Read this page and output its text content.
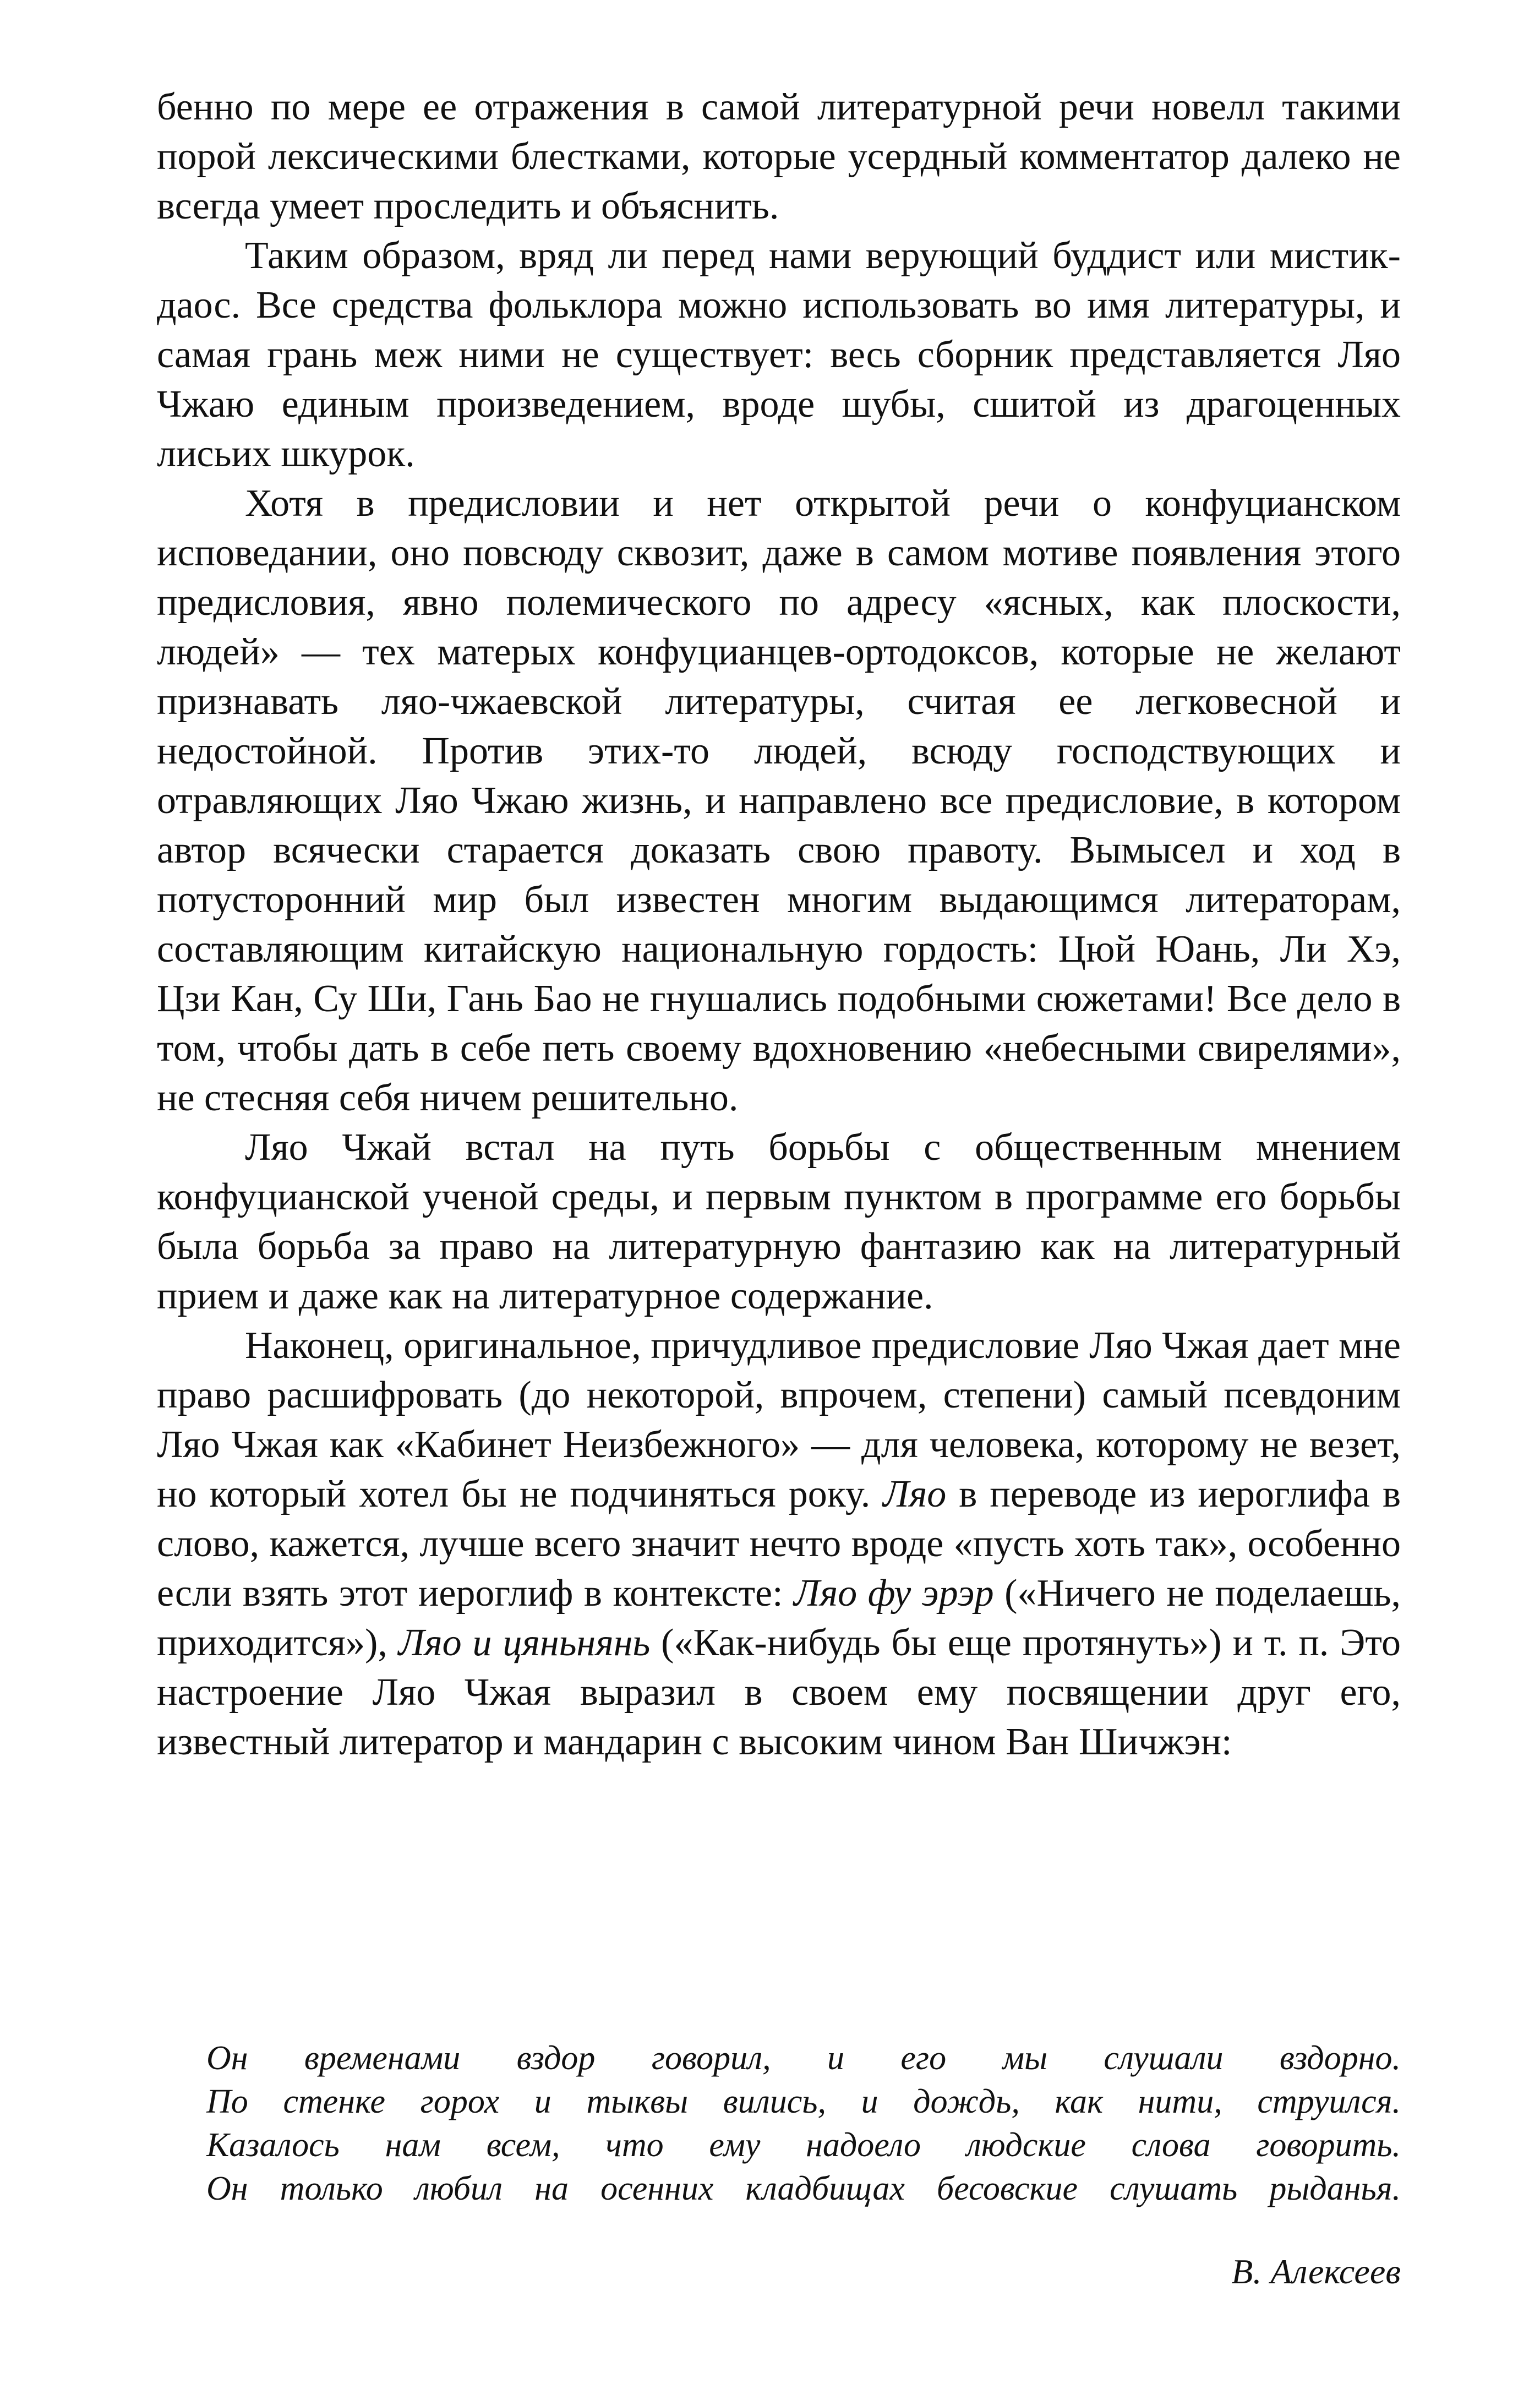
бенно по мере ее отражения в самой литературной речи новелл такими порой лексическими блестками, которые усердный комментатор далеко не всегда умеет проследить и объяснить.

Таким образом, вряд ли перед нами верующий буддист или мистик-даос. Все средства фольклора можно использовать во имя литературы, и самая грань меж ними не существует: весь сборник представляется Ляо Чжаю единым произведением, вроде шубы, сшитой из драгоценных лисьих шкурок.

Хотя в предисловии и нет открытой речи о конфуцианском исповедании, оно повсюду сквозит, даже в самом мотиве появления этого предисловия, явно полемического по адресу «ясных, как плоскости, людей» — тех матерых конфуцианцев-ортодоксов, которые не желают признавать ляо-чжаевской литературы, считая ее легковесной и недостойной. Против этих-то людей, всюду господствующих и отравляющих Ляо Чжаю жизнь, и направлено все предисловие, в котором автор всячески старается доказать свою правоту. Вымысел и ход в потусторонний мир был известен многим выдающимся литераторам, составляющим китайскую национальную гордость: Цюй Юань, Ли Хэ, Цзи Кан, Су Ши, Гань Бао не гнушались подобными сюжетами! Все дело в том, чтобы дать в себе петь своему вдохновению «небесными свирелями», не стесняя себя ничем решительно.

Ляо Чжай встал на путь борьбы с общественным мнением конфуцианской ученой среды, и первым пунктом в программе его борьбы была борьба за право на литературную фантазию как на литературный прием и даже как на литературное содержание.

Наконец, оригинальное, причудливое предисловие Ляо Чжая дает мне право расшифровать (до некоторой, впрочем, степени) самый псевдоним Ляо Чжая как «Кабинет Неизбежного» — для человека, которому не везет, но который хотел бы не подчиняться року. Ляо в переводе из иероглифа в слово, кажется, лучше всего значит нечто вроде «пусть хоть так», особенно если взять этот иероглиф в контексте: Ляо фу эрэр («Ничего не поделаешь, приходится»), Ляо и цяньнянь («Как-нибудь бы еще протянуть») и т. п. Это настроение Ляо Чжая выразил в своем ему посвящении друг его, известный литератор и мандарин с высоким чином Ван Шичжэн:

Он временами вздор говорил, и его мы слушали вздорно.
По стенке горох и тыквы вились, и дождь, как нити, струился.
Казалось нам всем, что ему надоело людские слова говорить.
Он только любил на осенних кладбищах бесовские слушать рыданья.
В. Алексеев
